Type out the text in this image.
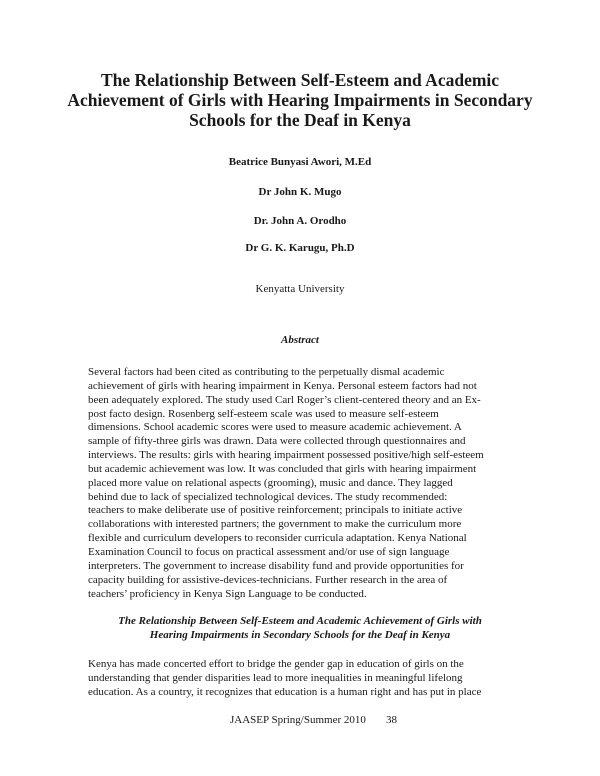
The Relationship Between Self-Esteem and Academic Achievement of Girls with Hearing Impairments in Secondary Schools for the Deaf in Kenya
Beatrice Bunyasi Awori, M.Ed
Dr John K. Mugo
Dr. John A. Orodho
Dr G. K. Karugu, Ph.D
Kenyatta University
Abstract
Several factors had been cited as contributing to the perpetually dismal academic
achievement of girls with hearing impairment in Kenya. Personal esteem factors had not
been adequately explored. The study used Carl Roger’s client-centered theory and an Ex-
post facto design. Rosenberg self-esteem scale was used to measure self-esteem
dimensions. School academic scores were used to measure academic achievement. A
sample of fifty-three girls was drawn. Data were collected through questionnaires and
interviews. The results: girls with hearing impairment possessed positive/high self-esteem
but academic achievement was low. It was concluded that girls with hearing impairment
placed more value on relational aspects (grooming), music and dance. They lagged
behind due to lack of specialized technological devices. The study recommended:
teachers to make deliberate use of positive reinforcement; principals to initiate active
collaborations with interested partners; the government to make the curriculum more
flexible and curriculum developers to reconsider curricula adaptation. Kenya National
Examination Council to focus on practical assessment and/or use of sign language
interpreters. The government to increase disability fund and provide opportunities for
capacity building for assistive-devices-technicians. Further research in the area of
teachers’ proficiency in Kenya Sign Language to be conducted.
The Relationship Between Self-Esteem and Academic Achievement of Girls with
Hearing Impairments in Secondary Schools for the Deaf in Kenya
Kenya has made concerted effort to bridge the gender gap in education of girls on the
understanding that gender disparities lead to more inequalities in meaningful lifelong
education. As a country, it recognizes that education is a human right and has put in place
JAASEP Spring/Summer 2010 38
